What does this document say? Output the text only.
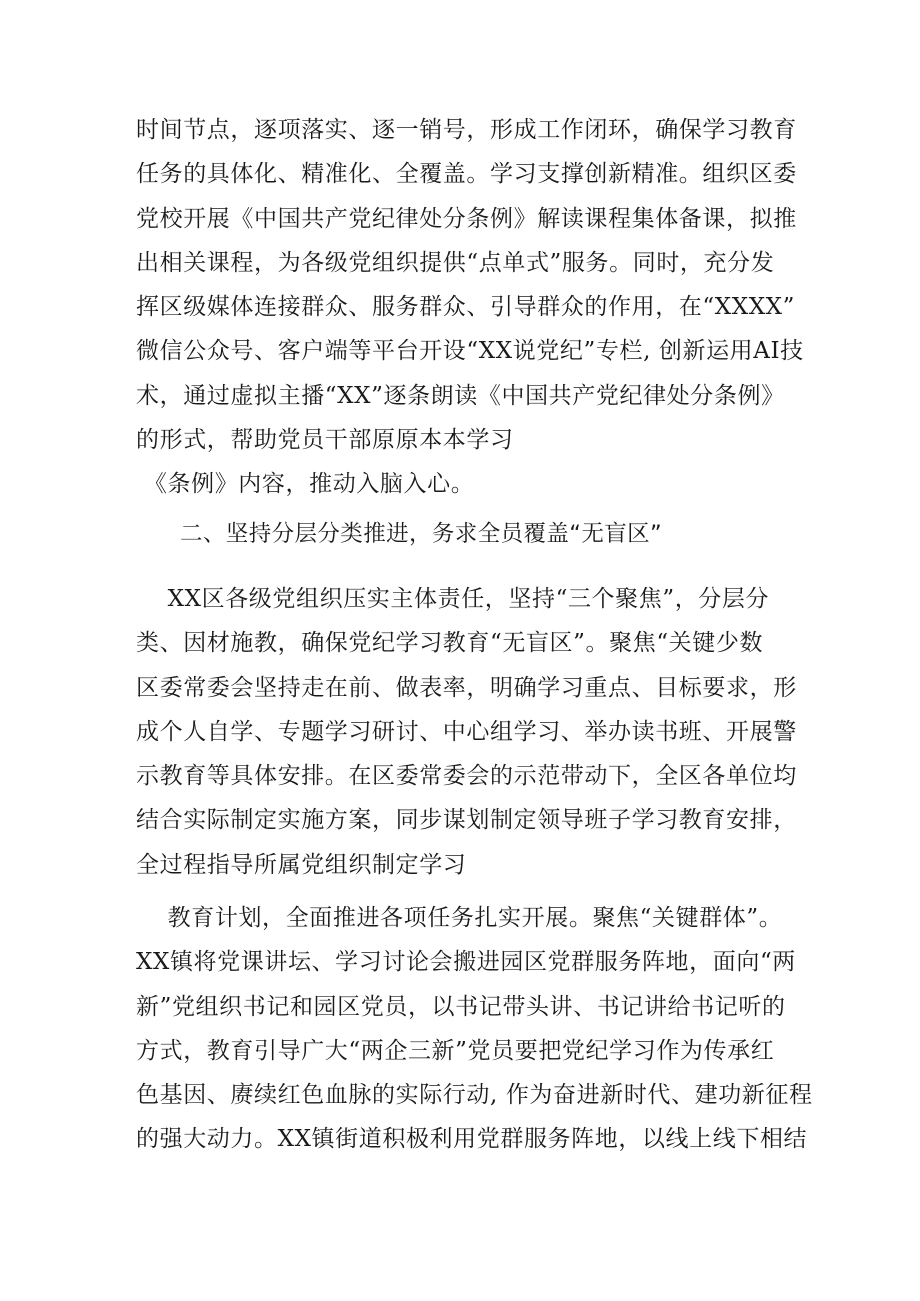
时间节点，逐项落实、逐一销号，形成工作闭环，确保学习教育
任务的具体化、精准化、全覆盖。学习支撑创新精准。组织区委
党校开展《中国共产党纪律处分条例》解读课程集体备课，拟推
出相关课程，为各级党组织提供“点单式”服务。同时，充分发
挥区级媒体连接群众、服务群众、引导群众的作用，在“XXXX”
微信公众号、客户端等平台开设“XX说党纪”专栏, 创新运用AI技
术，通过虚拟主播“XX”逐条朗读《中国共产党纪律处分条例》
的形式，帮助党员干部原原本本学习
《条例》内容，推动入脑入心。
二、坚持分层分类推进，务求全员覆盖“无盲区”
XX区各级党组织压实主体责任，坚持“三个聚焦”，分层分
类、因材施教，确保党纪学习教育“无盲区”。聚焦“关键少数
区委常委会坚持走在前、做表率，明确学习重点、目标要求，形
成个人自学、专题学习研讨、中心组学习、举办读书班、开展警
示教育等具体安排。在区委常委会的示范带动下，全区各单位均
结合实际制定实施方案，同步谋划制定领导班子学习教育安排，
全过程指导所属党组织制定学习
教育计划，全面推进各项任务扎实开展。聚焦“关键群体”。
XX镇将党课讲坛、学习讨论会搬进园区党群服务阵地，面向“两
新”党组织书记和园区党员，以书记带头讲、书记讲给书记听的
方式，教育引导广大“两企三新”党员要把党纪学习作为传承红
色基因、赓续红色血脉的实际行动, 作为奋进新时代、建功新征程
的强大动力。XX镇街道积极利用党群服务阵地，以线上线下相结
